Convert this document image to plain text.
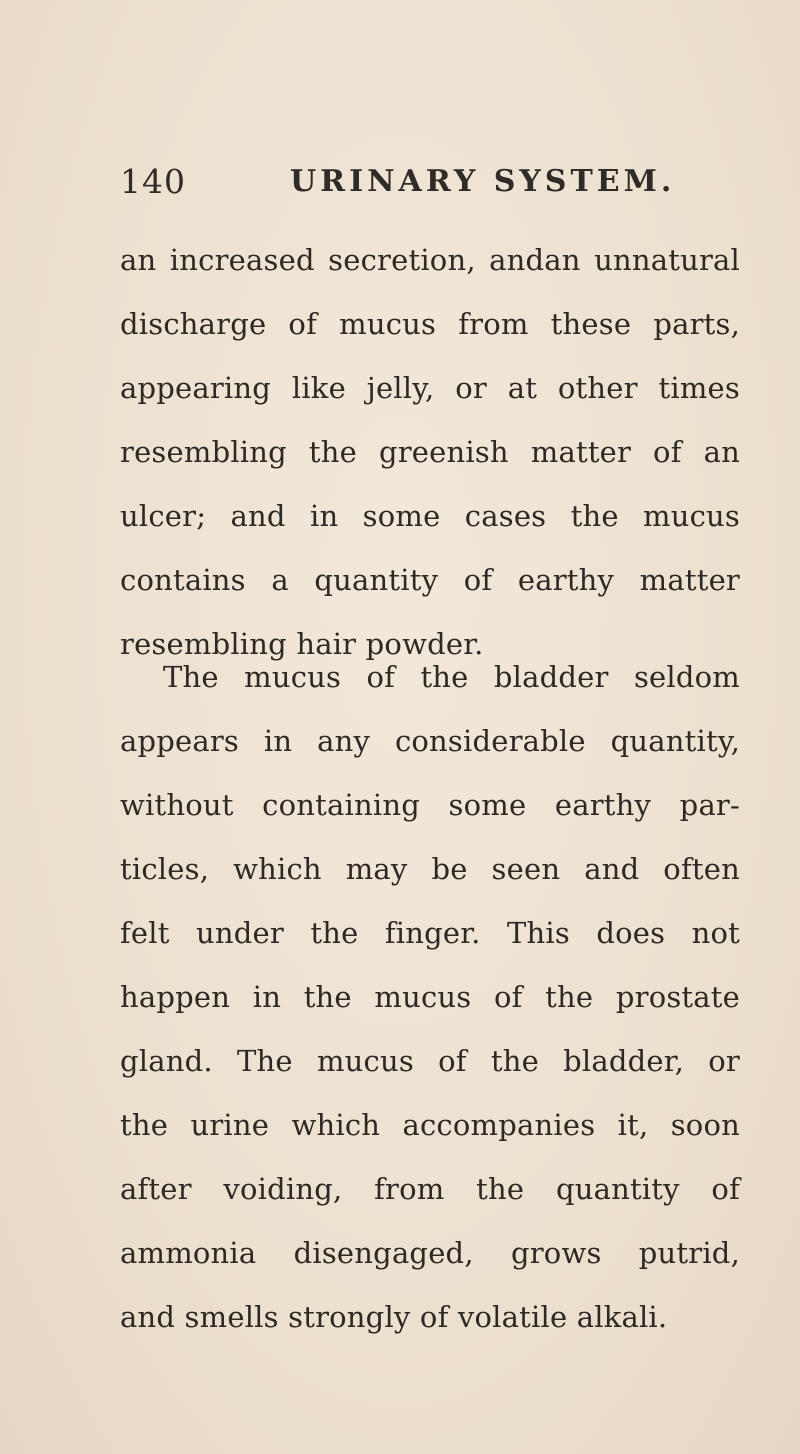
140	URINARY SYSTEM.
an increased secretion, andan unnatural
discharge of mucus from these parts,
appearing like jelly, or at other times
resembling the greenish matter of an
ulcer; and in some cases the mucus
contains a quantity of earthy matter
resembling hair powder.
The mucus of the bladder seldom
appears in any considerable quantity,
without containing some earthy par-
ticles, which may be seen and often
felt under the finger. This does not
happen in the mucus of the prostate
gland. The mucus of the bladder, or
the urine which accompanies it, soon
after voiding, from the quantity of
ammonia disengaged, grows putrid,
and smells strongly of volatile alkali.
